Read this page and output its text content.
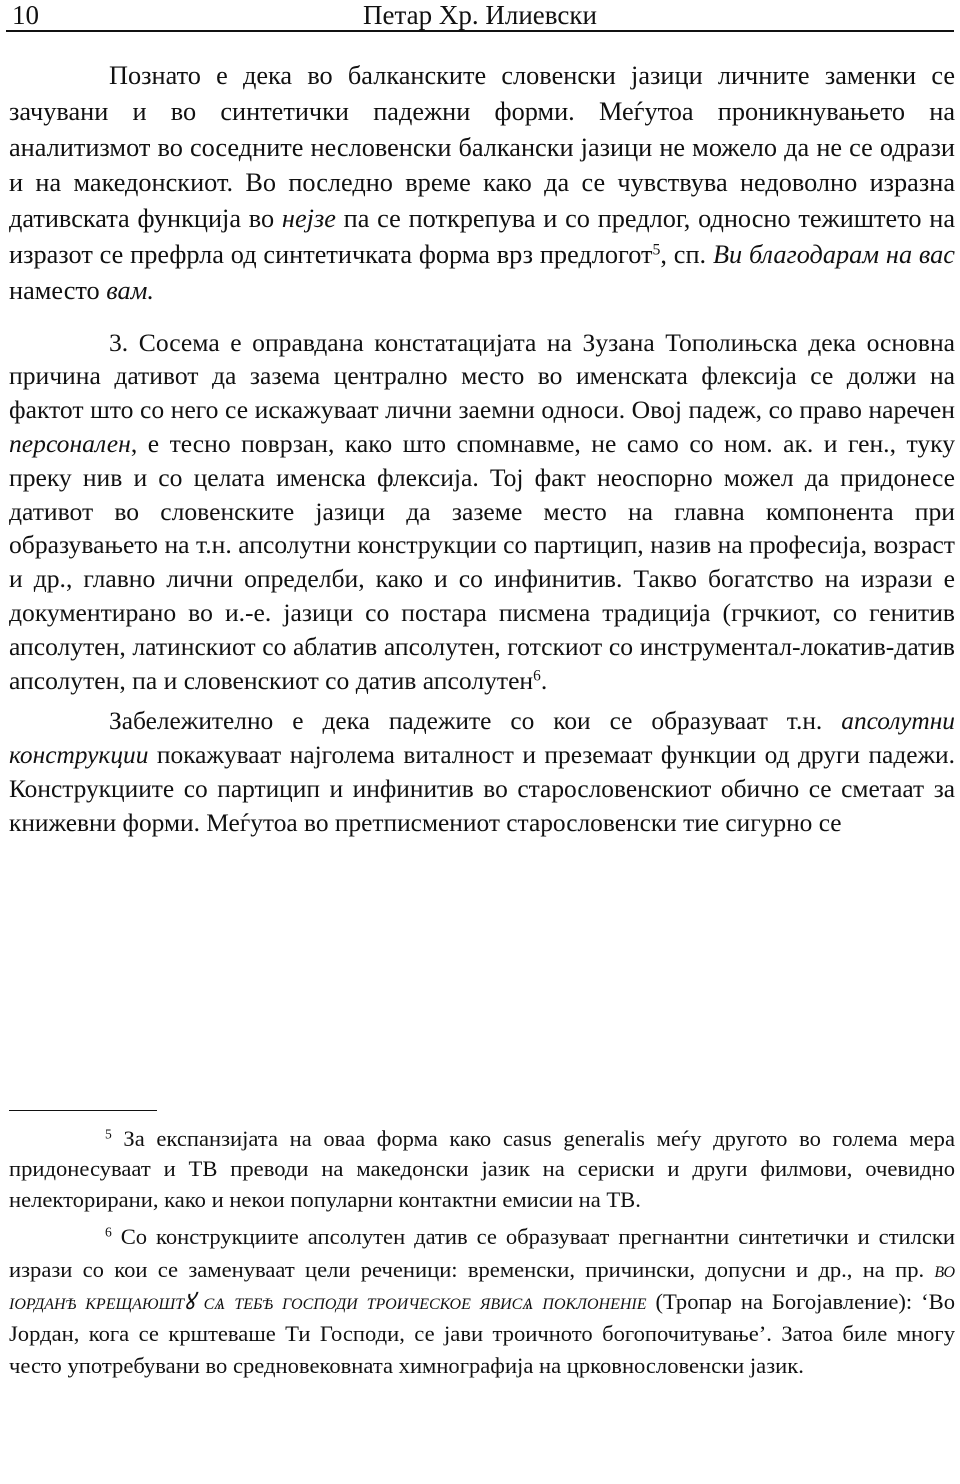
10	Петар Хр. Илиевски

Познато е дека во балканските словенски јазици личните заменки се зачувани и во синтетички падежни форми. Меѓутоа проникнувањето на аналитизмот во соседните несловенски балкански јазици не можело да не се одрази и на македонскиот. Во последно време како да се чувствува недоволно изразна дативската функција во нејзе па се поткрепува и со предлог, односно тежиштето на изразот се префрла од синтетичката форма врз предлогот$^5$, сп. Ви благодарам на вас наместо вам.

3. Сосема е оправдана констатацијата на Зузана Тополињска дека основна причина дативот да зазема централно место во именската флексија се должи на фактот што со него се искажуваат лични заемни односи. Овој падеж, со право наречен персонален, е тесно поврзан, како што спомнавме, не само со ном. ак. и ген., туку преку нив и со целата именска флексија. Тој факт неоспорно можел да придонесе дативот во словенските јазици да заземе место на главна компонента при образувањето на т.н. апсолутни конструкции со партицип, назив на професија, возраст и др., главно лични определби, како и со инфинитив. Такво богатство на изрази е документирано во и.-е. јазици со постара писмена традиција (грчкиот, со генитив апсолутен, латинскиот со аблатив апсолутен, готскиот со инструментал-локатив-датив апсолутен, па и словенскиот со датив апсолутен$^6$.

Забележително е дека падежите со кои се образуваат т.н. апсолутни конструкции покажуваат најголема виталност и преземаат функции од други падежи. Конструкциите со партицип и инфинитив во старословенскиот обично се сметаат за книжевни форми. Меѓутоа во претписмениот старословенски тие сигурно се

$^5$ За експанзијата на оваа форма како casus generalis меѓу другото во голема мера придонесуваат и ТВ преводи на македонски јазик на сериски и други филмови, очевидно нелекторирани, како и некои популарни контактни емисии на ТВ.

$^6$ Со конструкциите апсолутен датив се образуваат прегнантни синтетички и стилски изрази со кои се заменуваат цели реченици: временски, причински, допусни и др., на пр. во іорданѣ крещаюштꙋ сѧ тебѣ господи троическое явисѧ поклоненіе (Тропар на Богојавление): ‘Во Јордан, кога се крштеваше Ти Господи, се јави троичното богопочитување’. Затоа биле многу често употребувани во средновековната химнографија на црковнословенски јазик.
